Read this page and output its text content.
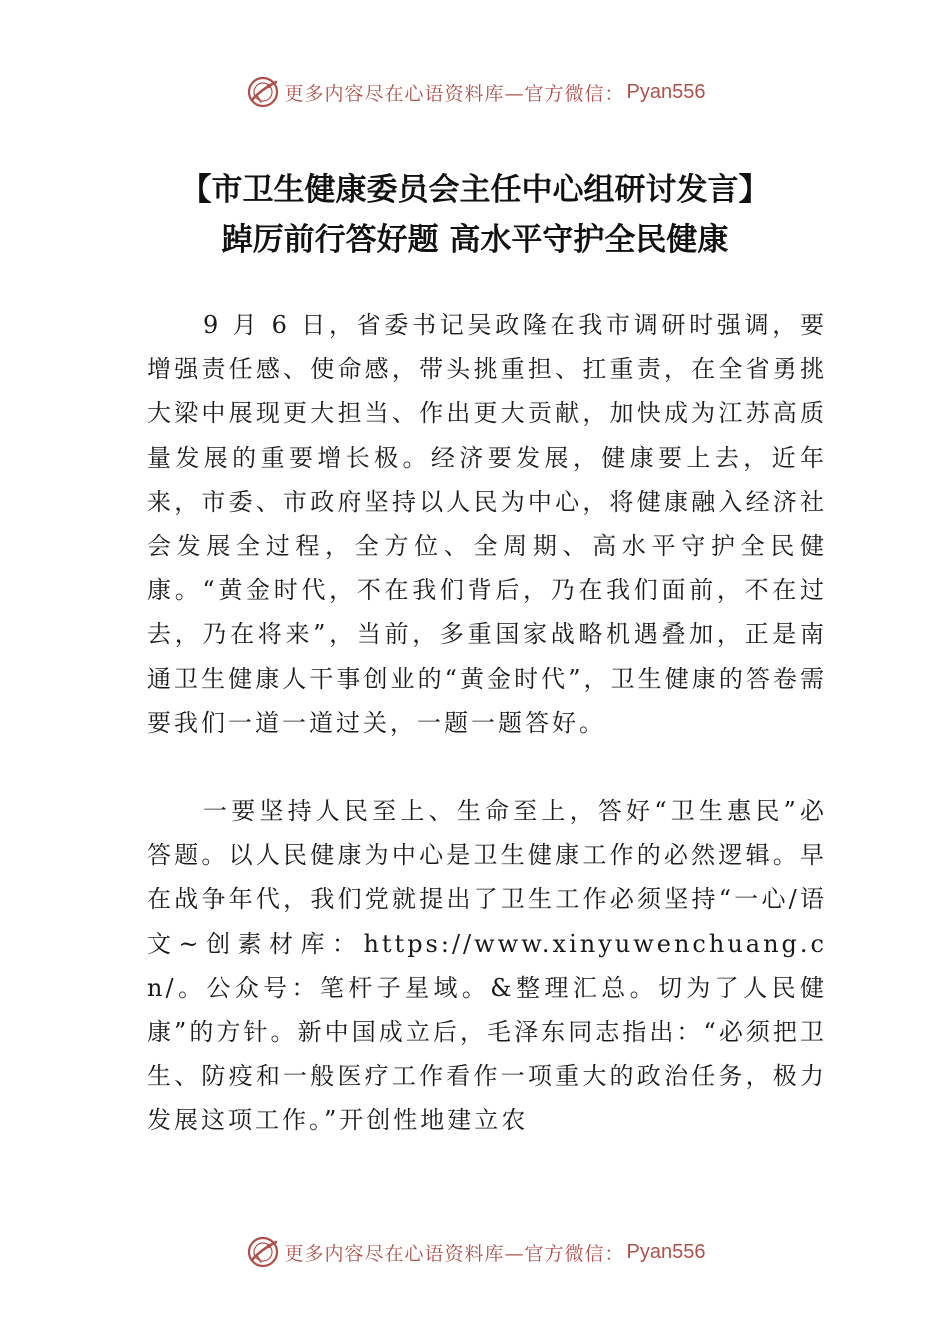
更多内容尽在心语资料库—官方微信： Pyan556
【市卫生健康委员会主任中心组研讨发言】
踔厉前行答好题 高水平守护全民健康

9 月 6 日，省委书记吴政隆在我市调研时强调，要增强责任感、使命感，带头挑重担、扛重责，在全省勇挑大梁中展现更大担当、作出更大贡献，加快成为江苏高质量发展的重要增长极。经济要发展，健康要上去，近年来，市委、市政府坚持以人民为中心，将健康融入经济社会发展全过程，全方位、全周期、高水平守护全民健康。“黄金时代，不在我们背后，乃在我们面前，不在过去，乃在将来”，当前，多重国家战略机遇叠加，正是南通卫生健康人干事创业的“黄金时代”，卫生健康的答卷需要我们一道一道过关，一题一题答好。

一要坚持人民至上、生命至上，答好“卫生惠民”必答题。以人民健康为中心是卫生健康工作的必然逻辑。早在战争年代，我们党就提出了卫生工作必须坚持“一心/语文~创素材库：https://www.xinyuwenchuang.cn/。公众号：笔杆子星域。&整理汇总。切为了人民健康”的方针。新中国成立后，毛泽东同志指出：“必须把卫生、防疫和一般医疗工作看作一项重大的政治任务，极力发展这项工作。”开创性地建立农

更多内容尽在心语资料库—官方微信： Pyan556
